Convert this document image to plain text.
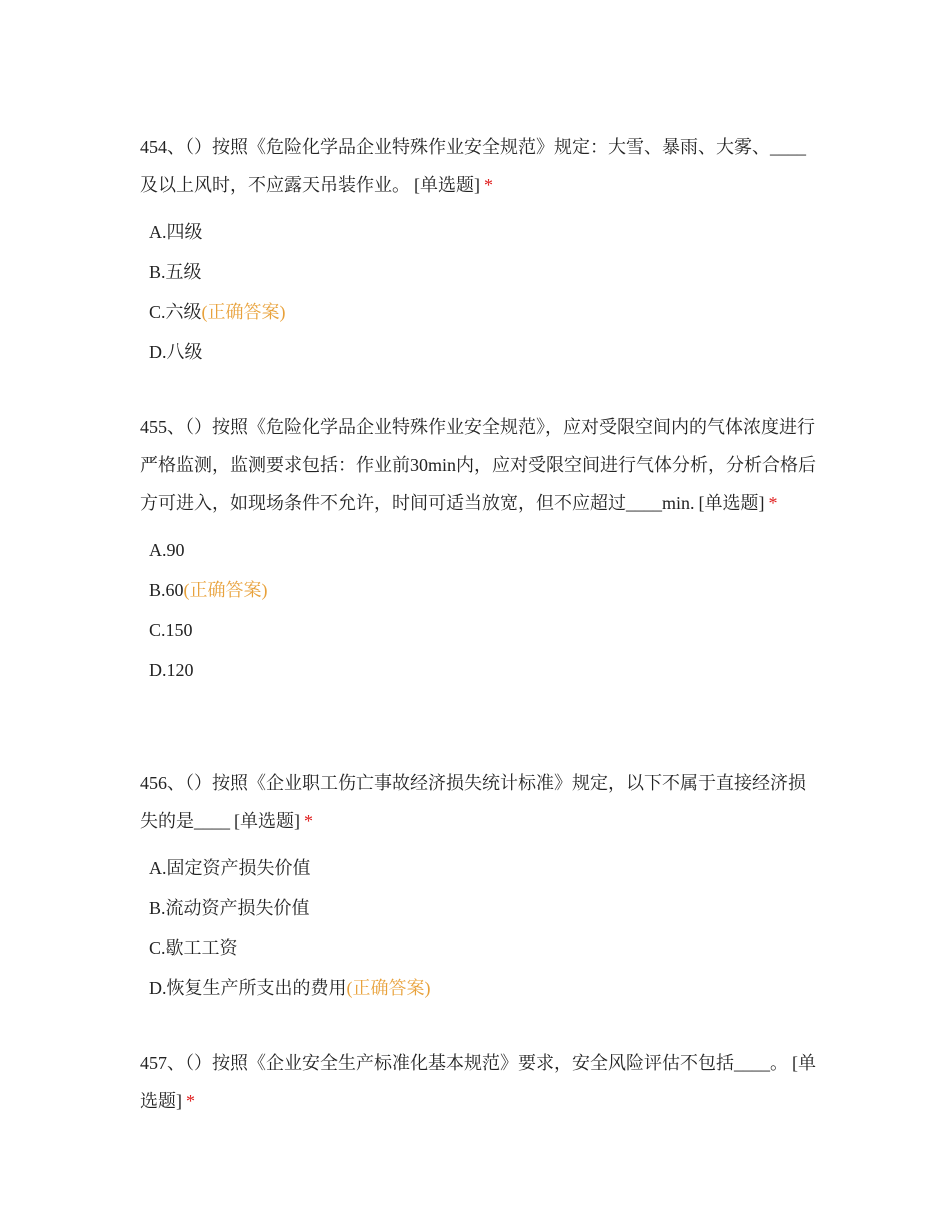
454、（）按照《危险化学品企业特殊作业安全规范》规定：大雪、暴雨、大雾、____及以上风时，不应露天吊装作业。 [单选题] *

A.四级
B.五级
C.六级(正确答案)
D.八级

455、（）按照《危险化学品企业特殊作业安全规范》，应对受限空间内的气体浓度进行严格监测，监测要求包括：作业前30min内，应对受限空间进行气体分析，分析合格后方可进入，如现场条件不允许，时间可适当放宽，但不应超过____min. [单选题] *

A.90
B.60(正确答案)
C.150
D.120

456、（）按照《企业职工伤亡事故经济损失统计标准》规定，以下不属于直接经济损失的是____ [单选题] *

A.固定资产损失价值
B.流动资产损失价值
C.歇工工资
D.恢复生产所支出的费用(正确答案)

457、（）按照《企业安全生产标准化基本规范》要求，安全风险评估不包括____。 [单选题] *
